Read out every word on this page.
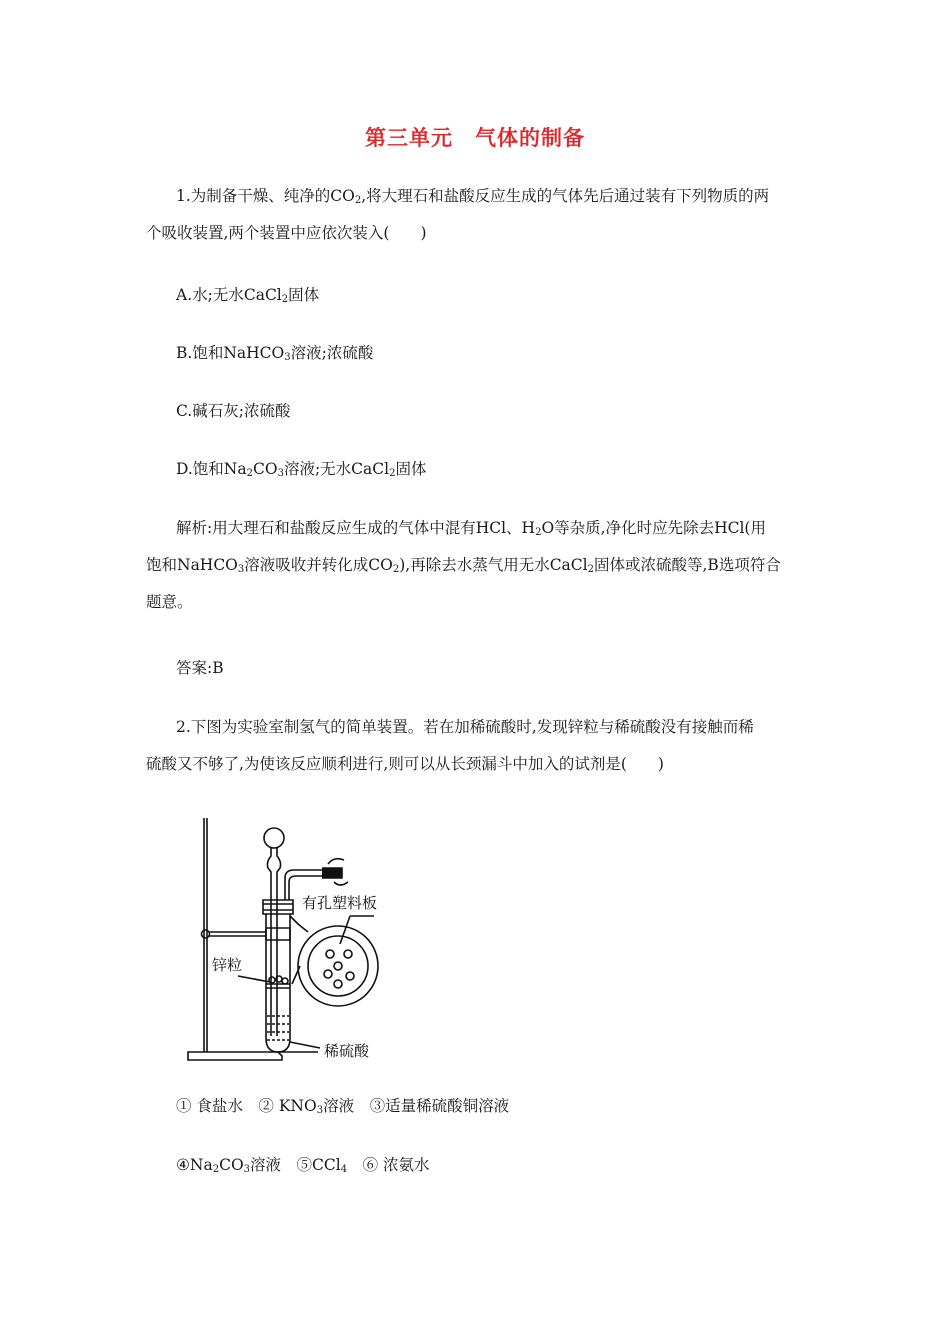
第三单元　气体的制备
1.为制备干燥、纯净的$CO_2$,将大理石和盐酸反应生成的气体先后通过装有下列物质的两
个吸收装置,两个装置中应依次装入(　　)
A.水;无水CaCl$_2$固体
B.饱和NaHCO$_3$溶液;浓硫酸
C.碱石灰;浓硫酸
D.饱和$Na_2CO_3$溶液;无水CaCl$_2$固体
解析:用大理石和盐酸反应生成的气体中混有HCl、$H_2O$等杂质,净化时应先除去HCl(用
饱和NaHCO$_3$溶液吸收并转化成$CO_2$),再除去水蒸气用无水CaCl$_2$固体或浓硫酸等,B选项符合
题意。
答案:B
2.下图为实验室制氢气的简单装置。若在加稀硫酸时,发现锌粒与稀硫酸没有接触而稀
硫酸又不够了,为使该反应顺利进行,则可以从长颈漏斗中加入的试剂是(　　)
有孔塑料板
锌粒
稀硫酸
① 食盐水　② $KNO_3$溶液　③适量稀硫酸铜溶液
$④Na_2CO_3$溶液　⑤CCl$_4$　⑥ 浓氨水
